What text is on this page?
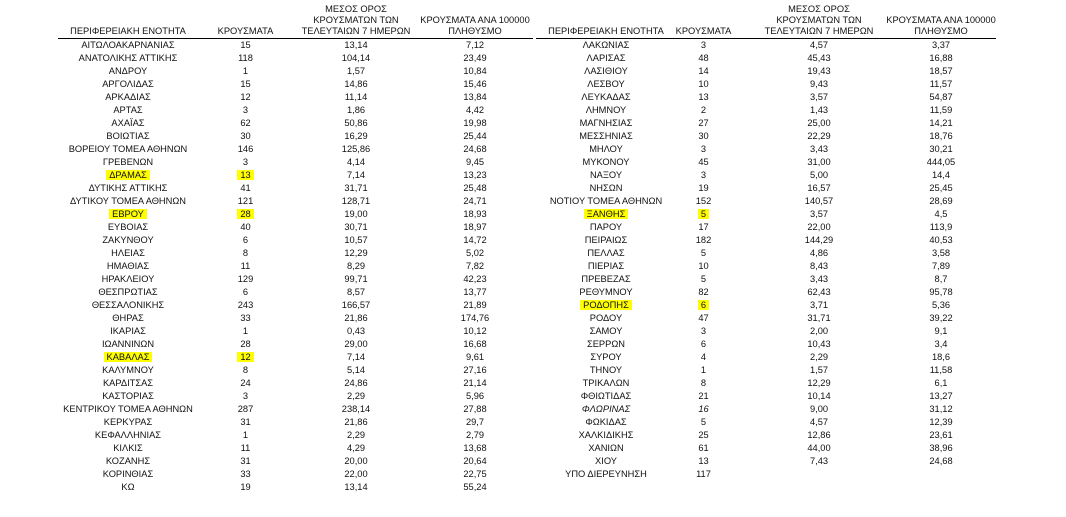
ΠΕΡΙΦΕΡΕΙΑΚΗ ΕΝΟΤΗΤΑ	ΚΡΟΥΣΜΑΤΑ
ΜΕΣΟΣ ΟΡΟΣ
ΚΡΟΥΣΜΑΤΩΝ ΤΩΝ
ΤΕΛΕΥΤΑΙΩΝ 7 ΗΜΕΡΩΝ
ΚΡΟΥΣΜΑΤΑ ΑΝΑ 100000
ΠΛΗΘΥΣΜΟ
ΑΙΤΩΛΟΑΚΑΡΝΑΝΙΑΣ	15	13,14	7,12
ΑΝΑΤΟΛΙΚΗΣ ΑΤΤΙΚΗΣ	118	104,14	23,49
ΑΝΔΡΟΥ	1	1,57	10,84
ΑΡΓΟΛΙΔΑΣ	15	14,86	15,46
ΑΡΚΑΔΙΑΣ	12	11,14	13,84
ΑΡΤΑΣ	3	1,86	4,42
ΑΧΑΪΑΣ	62	50,86	19,98
ΒΟΙΩΤΙΑΣ	30	16,29	25,44
ΒΟΡΕΙΟΥ ΤΟΜΕΑ ΑΘΗΝΩΝ	146	125,86	24,68
ΓΡΕΒΕΝΩΝ	3	4,14	9,45
ΔΡΑΜΑΣ	13	7,14	13,23
ΔΥΤΙΚΗΣ ΑΤΤΙΚΗΣ	41	31,71	25,48
ΔΥΤΙΚΟΥ ΤΟΜΕΑ ΑΘΗΝΩΝ	121	128,71	24,71
ΕΒΡΟΥ	28	19,00	18,93
ΕΥΒΟΙΑΣ	40	30,71	18,97
ΖΑΚΥΝΘΟΥ	6	10,57	14,72
ΗΛΕΙΑΣ	8	12,29	5,02
ΗΜΑΘΙΑΣ	11	8,29	7,82
ΗΡΑΚΛΕΙΟΥ	129	99,71	42,23
ΘΕΣΠΡΩΤΙΑΣ	6	8,57	13,77
ΘΕΣΣΑΛΟΝΙΚΗΣ	243	166,57	21,89
ΘΗΡΑΣ	33	21,86	174,76
ΙΚΑΡΙΑΣ	1	0,43	10,12
ΙΩΑΝΝΙΝΩΝ	28	29,00	16,68
ΚΑΒΑΛΑΣ	12	7,14	9,61
ΚΑΛΥΜΝΟΥ	8	5,14	27,16
ΚΑΡΔΙΤΣΑΣ	24	24,86	21,14
ΚΑΣΤΟΡΙΑΣ	3	2,29	5,96
ΚΕΝΤΡΙΚΟΥ ΤΟΜΕΑ ΑΘΗΝΩΝ	287	238,14	27,88
ΚΕΡΚΥΡΑΣ	31	21,86	29,7
ΚΕΦΑΛΛΗΝΙΑΣ	1	2,29	2,79
ΚΙΛΚΙΣ	11	4,29	13,68
ΚΟΖΑΝΗΣ	31	20,00	20,64
ΚΟΡΙΝΘΙΑΣ	33	22,00	22,75
ΚΩ	19	13,14	55,24
ΠΕΡΙΦΕΡΕΙΑΚΗ ΕΝΟΤΗΤΑ	ΚΡΟΥΣΜΑΤΑ
ΜΕΣΟΣ ΟΡΟΣ
ΚΡΟΥΣΜΑΤΩΝ ΤΩΝ
ΤΕΛΕΥΤΑΙΩΝ 7 ΗΜΕΡΩΝ
ΚΡΟΥΣΜΑΤΑ ΑΝΑ 100000
ΠΛΗΘΥΣΜΟ
ΛΑΚΩΝΙΑΣ	3	4,57	3,37
ΛΑΡΙΣΑΣ	48	45,43	16,88
ΛΑΣΙΘΙΟΥ	14	19,43	18,57
ΛΕΣΒΟΥ	10	9,43	11,57
ΛΕΥΚΑΔΑΣ	13	3,57	54,87
ΛΗΜΝΟΥ	2	1,43	11,59
ΜΑΓΝΗΣΙΑΣ	27	25,00	14,21
ΜΕΣΣΗΝΙΑΣ	30	22,29	18,76
ΜΗΛΟΥ	3	3,43	30,21
ΜΥΚΟΝΟΥ	45	31,00	444,05
ΝΑΞΟΥ	3	5,00	14,4
ΝΗΣΩΝ	19	16,57	25,45
ΝΟΤΙΟΥ ΤΟΜΕΑ ΑΘΗΝΩΝ	152	140,57	28,69
ΞΑΝΘΗΣ	5	3,57	4,5
ΠΑΡΟΥ	17	22,00	113,9
ΠΕΙΡΑΙΩΣ	182	144,29	40,53
ΠΕΛΛΑΣ	5	4,86	3,58
ΠΙΕΡΙΑΣ	10	8,43	7,89
ΠΡΕΒΕΖΑΣ	5	3,43	8,7
ΡΕΘΥΜΝΟΥ	82	62,43	95,78
ΡΟΔΟΠΗΣ	6	3,71	5,36
ΡΟΔΟΥ	47	31,71	39,22
ΣΑΜΟΥ	3	2,00	9,1
ΣΕΡΡΩΝ	6	10,43	3,4
ΣΥΡΟΥ	4	2,29	18,6
ΤΗΝΟΥ	1	1,57	11,58
ΤΡΙΚΑΛΩΝ	8	12,29	6,1
ΦΘΙΩΤΙΔΑΣ	21	10,14	13,27
ΦΛΩΡΙΝΑΣ	16	9,00	31,12
ΦΩΚΙΔΑΣ	5	4,57	12,39
ΧΑΛΚΙΔΙΚΗΣ	25	12,86	23,61
ΧΑΝΙΩΝ	61	44,00	38,96
ΧΙΟΥ	13	7,43	24,68
ΥΠΟ ΔΙΕΡΕΥΝΗΣΗ	117
